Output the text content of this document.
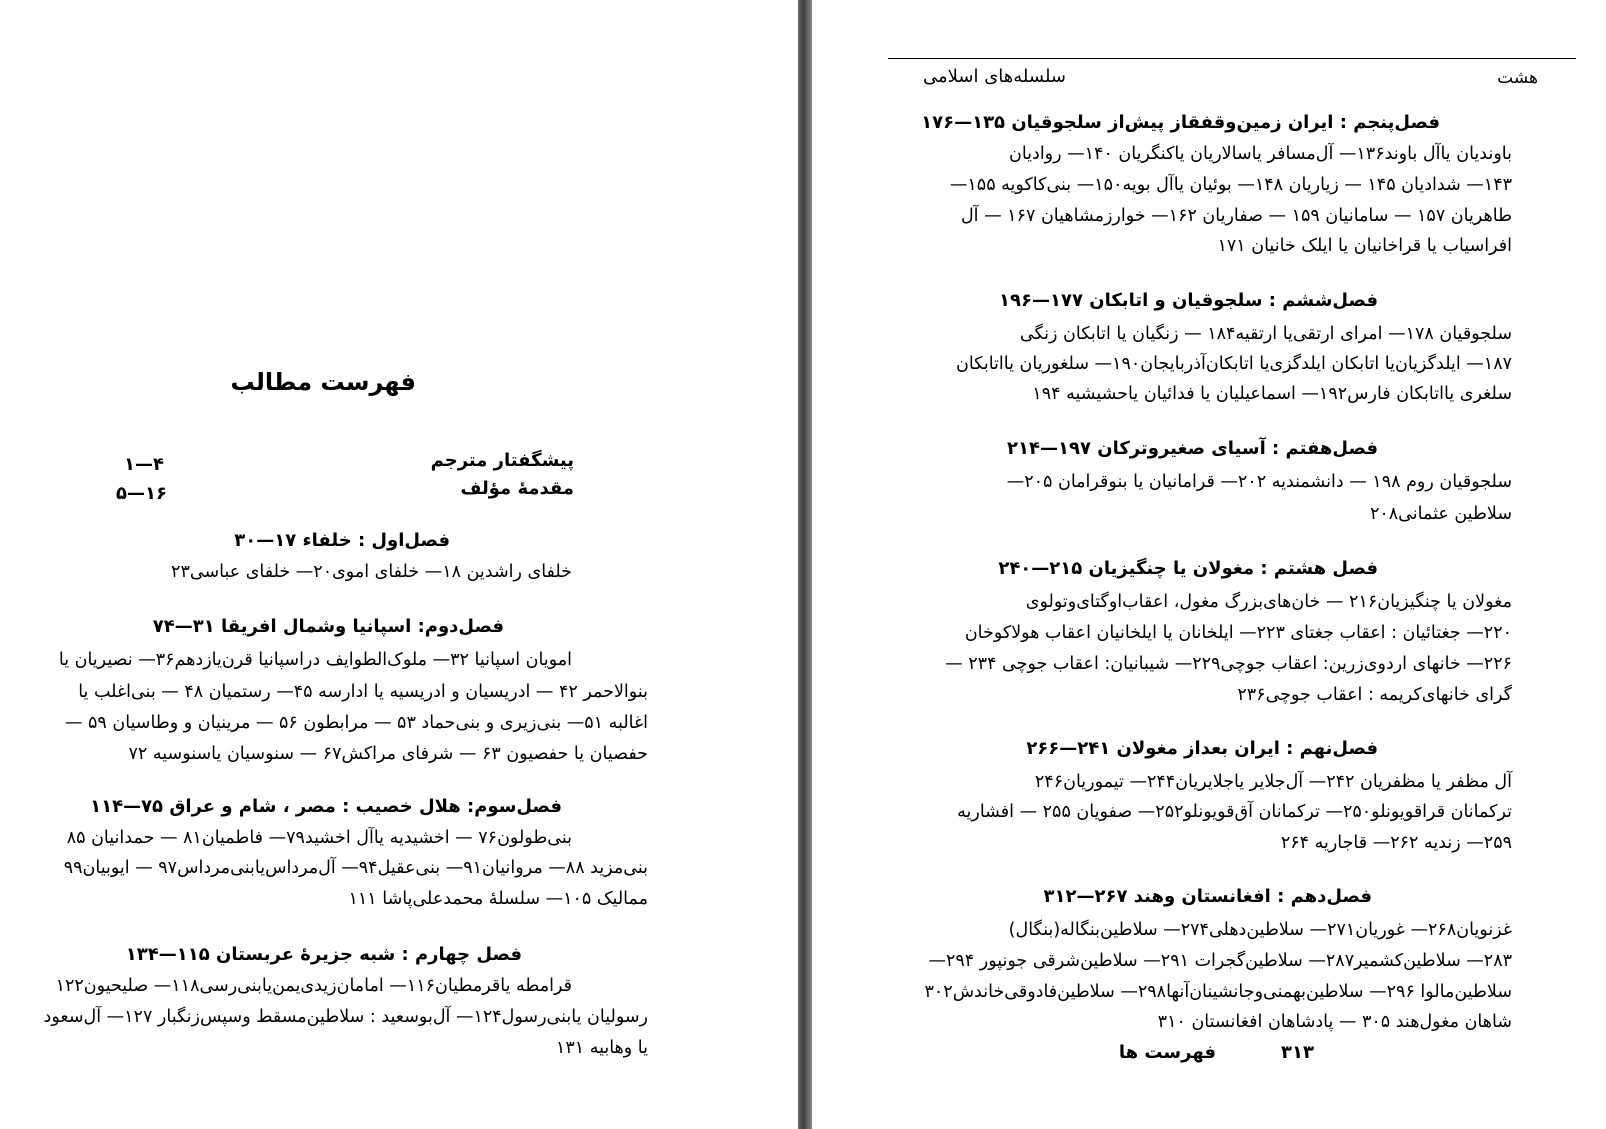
فهرست مطالب
پیشگفتار مترجم
۱—۴
مقدمهٔ مؤلف
۵—۱۶
فصل‌اول : خلفاء ۱۷—۳۰
خلفای راشدین ۱۸— خلفای اموی۲۰— خلفای عباسی۲۳
فصل‌دوم: اسپانیا وشمال افریقا ۳۱—۷۴
امویان اسپانیا ۳۲— ملوک‌الطوایف دراسپانیا قرن‌یازدهم۳۶— نصیریان یا
بنوالاحمر ۴۲ — ادریسیان و ادریسیه یا ادارسه ۴۵— رستمیان ۴۸ — بنی‌اغلب یا
اغالبه ۵۱— بنی‌زیری و بنی‌حماد ۵۳ — مرابطون ۵۶ — مرینیان و وطاسیان ۵۹ —
حفصیان یا حفصیون ۶۳ — شرفای مراکش۶۷ — سنوسیان یاسنوسیه ۷۲
فصل‌سوم: هلال خصیب : مصر ، شام و عراق ۷۵—۱۱۴
بنی‌طولون۷۶ — اخشیدیه یاآل اخشید۷۹— فاطمیان۸۱ — حمدانیان ۸۵
بنی‌مزید ۸۸— مروانیان۹۱— بنی‌عقیل۹۴— آل‌مرداس‌یابنی‌مرداس۹۷ — ایوبیان۹۹
ممالیک ۱۰۵— سلسلهٔ محمدعلی‌پاشا ۱۱۱
فصل چهارم : شبه جزیرهٔ عربستان ۱۱۵—۱۳۴
قرامطه یاقرمطیان۱۱۶— امامان‌زیدی‌یمن‌یابنی‌رسی۱۱۸— صلیحیون۱۲۲
رسولیان یابنی‌رسول۱۲۴— آل‌بوسعید : سلاطین‌مسقط وسپس‌زنگبار ۱۲۷— آل‌سعود
یا وهابیه ۱۳۱
هشت
سلسله‌های اسلامی
فصل‌پنجم : ایران زمین‌وقفقاز پیش‌از سلجوقیان ۱۳۵—۱۷۶
باوندیان یاآل باوند۱۳۶— آل‌مسافر یاسالاریان یاکنگریان ۱۴۰— روادیان
۱۴۳— شدادیان ۱۴۵ — زیاریان ۱۴۸— بوئیان یاآل بویه۱۵۰— بنی‌کاکویه ۱۵۵—
طاهریان ۱۵۷ — سامانیان ۱۵۹ — صفاریان ۱۶۲— خوارزمشاهیان ۱۶۷ — آل
افراسیاب یا قراخانیان یا ایلک خانیان ۱۷۱
فصل‌ششم : سلجوقیان و اتابکان ۱۷۷—۱۹۶
سلجوقیان ۱۷۸— امرای ارتقی‌یا ارتقیه۱۸۴ — زنگیان یا اتابکان زنگی
۱۸۷— ایلدگزیان‌یا اتابکان ایلدگزی‌یا اتابکان‌آذربایجان۱۹۰— سلغوریان یااتابکان
سلغری یااتابکان فارس۱۹۲— اسماعیلیان یا فدائیان یاحشیشیه ۱۹۴
فصل‌هفتم : آسیای صغیروترکان ۱۹۷—۲۱۴
سلجوقیان روم ۱۹۸ — دانشمندیه ۲۰۲— قرامانیان یا بنوقرامان ۲۰۵—
سلاطین عثمانی۲۰۸
فصل هشتم : مغولان یا چنگیزیان ۲۱۵—۲۴۰
مغولان یا چنگیزیان۲۱۶ — خان‌های‌بزرگ مغول، اعقاب‌اوگتای‌وتولوی
۲۲۰— جغتائیان : اعقاب جغتای ۲۲۳— ایلخانان یا ایلخانیان اعقاب هولاکوخان
۲۲۶— خانهای اردوی‌زرین: اعقاب جوچی۲۲۹— شیبانیان: اعقاب جوچی ۲۳۴ —
گرای خانهای‌کریمه : اعقاب جوچی۲۳۶
فصل‌نهم : ایران بعداز مغولان ۲۴۱—۲۶۶
آل مظفر یا مظفریان ۲۴۲— آل‌جلایر یاجلایریان۲۴۴— تیموریان۲۴۶
ترکمانان قراقویونلو۲۵۰— ترکمانان آق‌قویونلو۲۵۲— صفویان ۲۵۵ — افشاریه
۲۵۹— زندیه ۲۶۲— قاجاریه ۲۶۴
فصل‌دهم : افغانستان وهند ۲۶۷—۳۱۲
غزنویان۲۶۸— غوریان۲۷۱— سلاطین‌دهلی۲۷۴— سلاطین‌بنگاله(بنگال)
۲۸۳— سلاطین‌کشمیر۲۸۷— سلاطین‌گجرات ۲۹۱— سلاطین‌شرقی جونپور ۲۹۴—
سلاطین‌مالوا ۲۹۶— سلاطین‌بهمنی‌وجانشینان‌آنها۲۹۸— سلاطین‌فادوقی‌خاندش۳۰۲
شاهان مغول‌هند ۳۰۵ — پادشاهان افغانستان ۳۱۰
فهرست ها	۳۱۳
